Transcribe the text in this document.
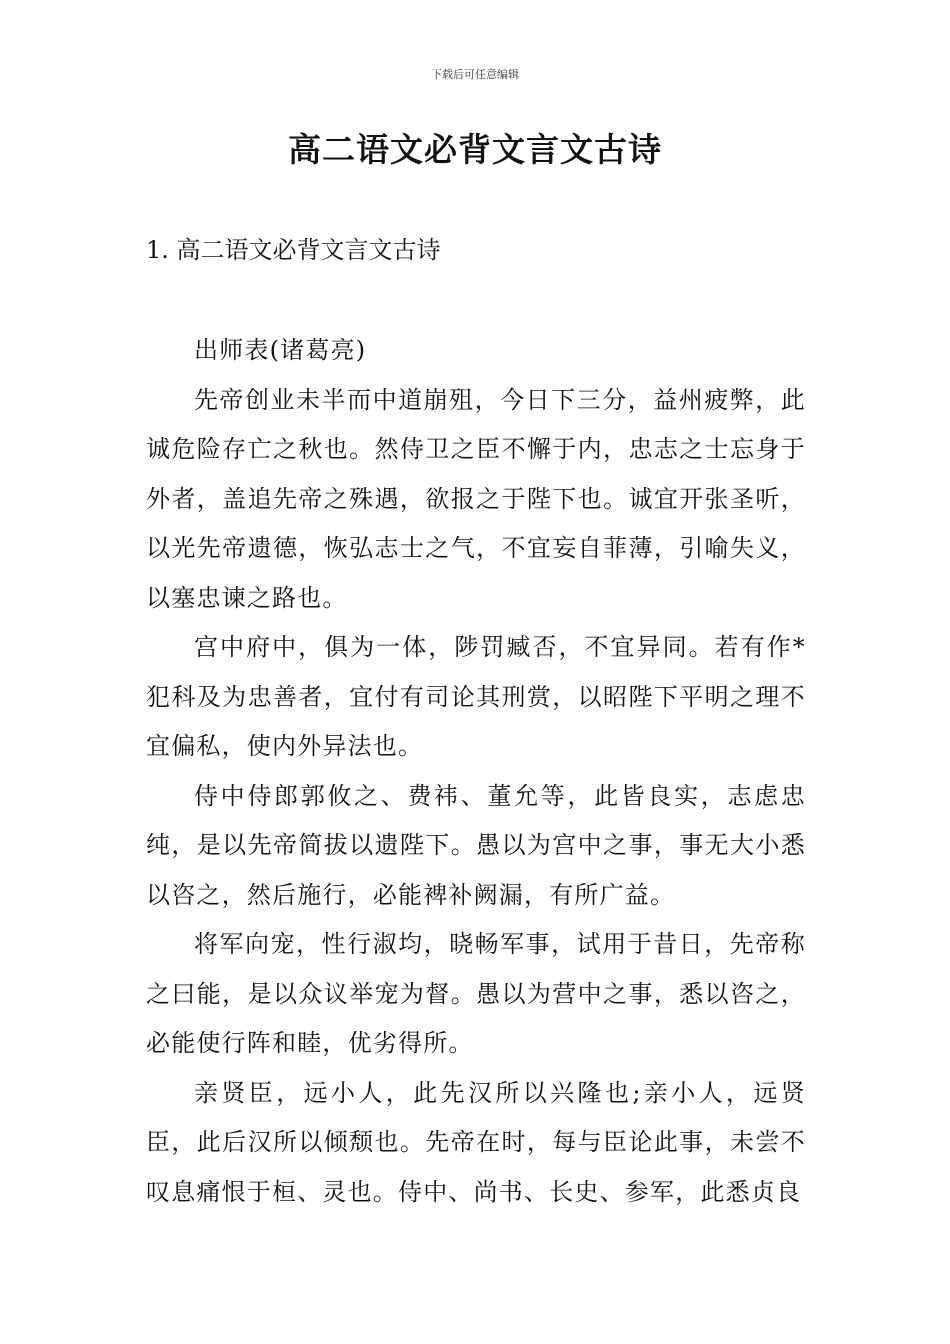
下载后可任意编辑
高二语文必背文言文古诗
1. 高二语文必背文言文古诗

出师表(诸葛亮)

先帝创业未半而中道崩殂，今日下三分，益州疲弊，此诚危险存亡之秋也。然侍卫之臣不懈于内，忠志之士忘身于外者，盖追先帝之殊遇，欲报之于陛下也。诚宜开张圣听，以光先帝遗德，恢弘志士之气，不宜妄自菲薄，引喻失义，以塞忠谏之路也。

宫中府中，俱为一体，陟罚臧否，不宜异同。若有作*犯科及为忠善者，宜付有司论其刑赏，以昭陛下平明之理不宜偏私，使内外异法也。

侍中侍郎郭攸之、费祎、董允等，此皆良实，志虑忠纯，是以先帝简拔以遗陛下。愚以为宫中之事，事无大小悉以咨之，然后施行，必能裨补阙漏，有所广益。

将军向宠，性行淑均，晓畅军事，试用于昔日，先帝称之曰能，是以众议举宠为督。愚以为营中之事，悉以咨之，必能使行阵和睦，优劣得所。

亲贤臣，远小人，此先汉所以兴隆也;亲小人，远贤臣，此后汉所以倾颓也。先帝在时，每与臣论此事，未尝不叹息痛恨于桓、灵也。侍中、尚书、长史、参军，此悉贞良
